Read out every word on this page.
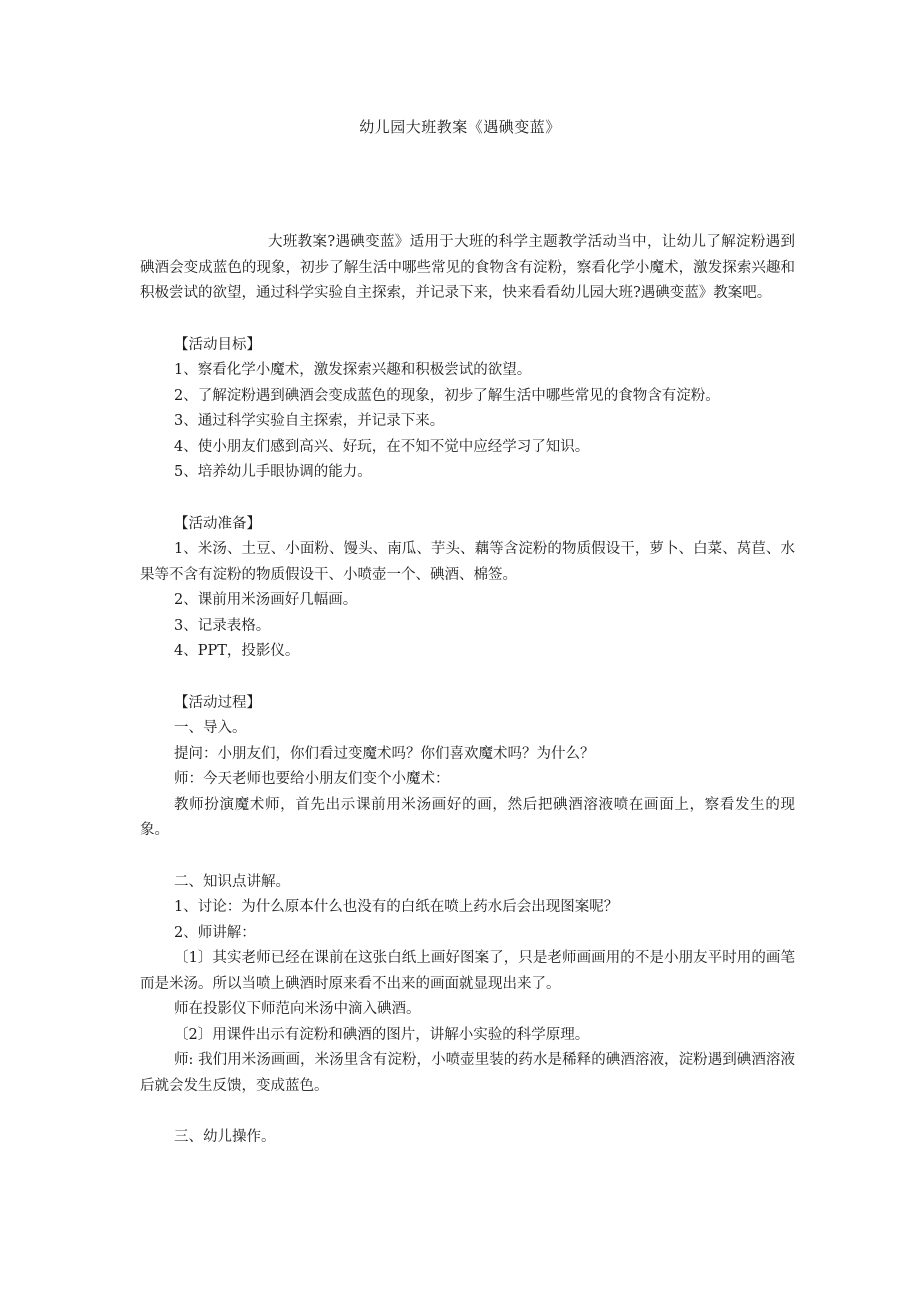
幼儿园大班教案《遇碘变蓝》

大班教案?遇碘变蓝》适用于大班的科学主题教学活动当中，让幼儿了解淀粉遇到碘酒会变成蓝色的现象，初步了解生活中哪些常见的食物含有淀粉，察看化学小魔术，激发探索兴趣和积极尝试的欲望，通过科学实验自主探索，并记录下来，快来看看幼儿园大班?遇碘变蓝》教案吧。

【活动目标】

1、察看化学小魔术，激发探索兴趣和积极尝试的欲望。

2、了解淀粉遇到碘酒会变成蓝色的现象，初步了解生活中哪些常见的食物含有淀粉。

3、通过科学实验自主探索，并记录下来。

4、使小朋友们感到高兴、好玩，在不知不觉中应经学习了知识。

5、培养幼儿手眼协调的能力。

【活动准备】

1、米汤、土豆、小面粉、馒头、南瓜、芋头、藕等含淀粉的物质假设干，萝卜、白菜、莴苣、水果等不含有淀粉的物质假设干、小喷壶一个、碘酒、棉签。

2、课前用米汤画好几幅画。

3、记录表格。

4、PPT，投影仪。

【活动过程】

一、导入。

提问：小朋友们，你们看过变魔术吗？你们喜欢魔术吗？为什么？

师：今天老师也要给小朋友们变个小魔术：

教师扮演魔术师，首先出示课前用米汤画好的画，然后把碘酒溶液喷在画面上，察看发生的现象。

二、知识点讲解。

1、讨论：为什么原本什么也没有的白纸在喷上药水后会出现图案呢？

2、师讲解：

〔1〕其实老师已经在课前在这张白纸上画好图案了，只是老师画画用的不是小朋友平时用的画笔而是米汤。所以当喷上碘酒时原来看不出来的画面就显现出来了。

师在投影仪下师范向米汤中滴入碘酒。

〔2〕用课件出示有淀粉和碘酒的图片，讲解小实验的科学原理。

师: 我们用米汤画画，米汤里含有淀粉，小喷壶里装的药水是稀释的碘酒溶液，淀粉遇到碘酒溶液后就会发生反馈，变成蓝色。

三、幼儿操作。
